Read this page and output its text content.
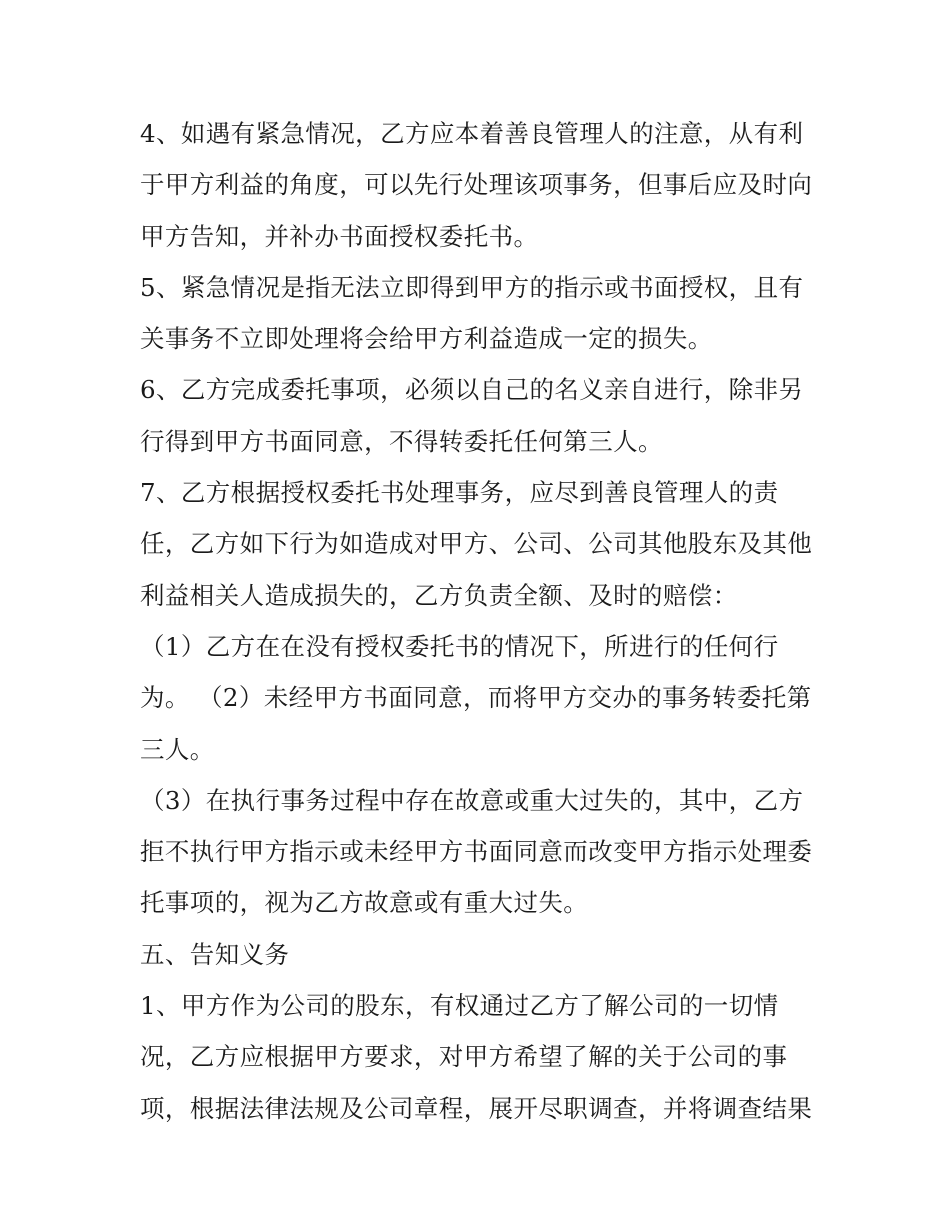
4、如遇有紧急情况，乙方应本着善良管理人的注意，从有利
于甲方利益的角度，可以先行处理该项事务，但事后应及时向
甲方告知，并补办书面授权委托书。
5、紧急情况是指无法立即得到甲方的指示或书面授权，且有
关事务不立即处理将会给甲方利益造成一定的损失。
6、乙方完成委托事项，必须以自己的名义亲自进行，除非另
行得到甲方书面同意，不得转委托任何第三人。
7、乙方根据授权委托书处理事务，应尽到善良管理人的责
任，乙方如下行为如造成对甲方、公司、公司其他股东及其他
利益相关人造成损失的，乙方负责全额、及时的赔偿：
（1）乙方在在没有授权委托书的情况下，所进行的任何行
为。 （2）未经甲方书面同意，而将甲方交办的事务转委托第
三人。
（3）在执行事务过程中存在故意或重大过失的，其中，乙方
拒不执行甲方指示或未经甲方书面同意而改变甲方指示处理委
托事项的，视为乙方故意或有重大过失。
五、告知义务
1、甲方作为公司的股东，有权通过乙方了解公司的一切情
况，乙方应根据甲方要求，对甲方希望了解的关于公司的事
项，根据法律法规及公司章程，展开尽职调查，并将调查结果
